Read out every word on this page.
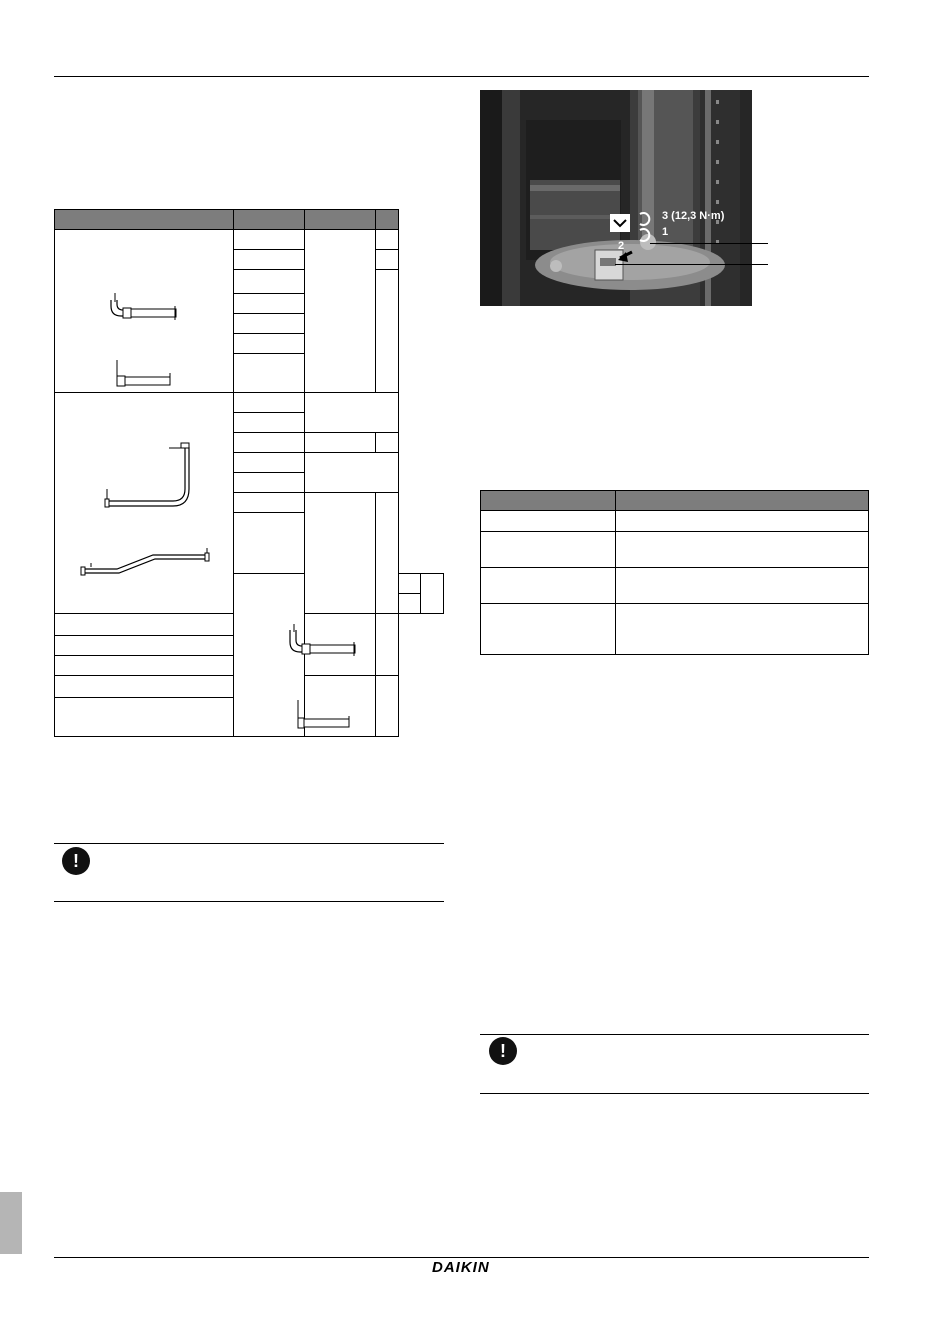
!
3 (12,3 N·m)
1
2

!
DAIKIN
